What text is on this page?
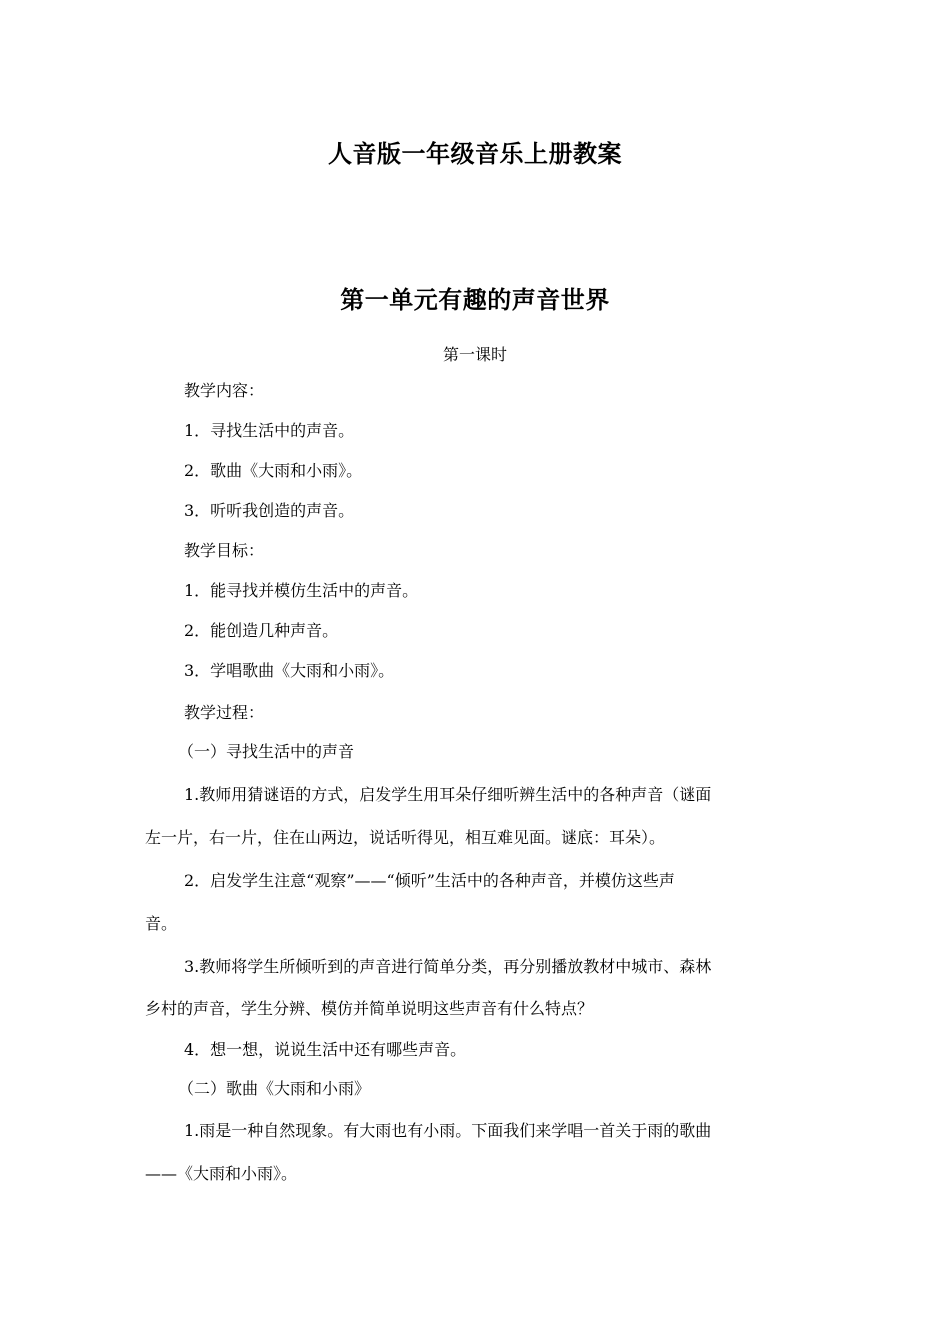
人音版一年级音乐上册教案
第一单元有趣的声音世界
第一课时
教学内容：
1．寻找生活中的声音。
2．歌曲《大雨和小雨》。
3．听听我创造的声音。
教学目标：
1．能寻找并模仿生活中的声音。
2．能创造几种声音。
3．学唱歌曲《大雨和小雨》。
教学过程：
（一）寻找生活中的声音
1.教师用猜谜语的方式，启发学生用耳朵仔细听辨生活中的各种声音（谜面
左一片，右一片，住在山两边，说话听得见，相互难见面。谜底：耳朵）。
2．启发学生注意“观察”——“倾听”生活中的各种声音，并模仿这些声
音。
3.教师将学生所倾听到的声音进行简单分类，再分别播放教材中城市、森林
乡村的声音，学生分辨、模仿并简单说明这些声音有什么特点？
4．想一想，说说生活中还有哪些声音。
（二）歌曲《大雨和小雨》
1.雨是一种自然现象。有大雨也有小雨。下面我们来学唱一首关于雨的歌曲
——《大雨和小雨》。
